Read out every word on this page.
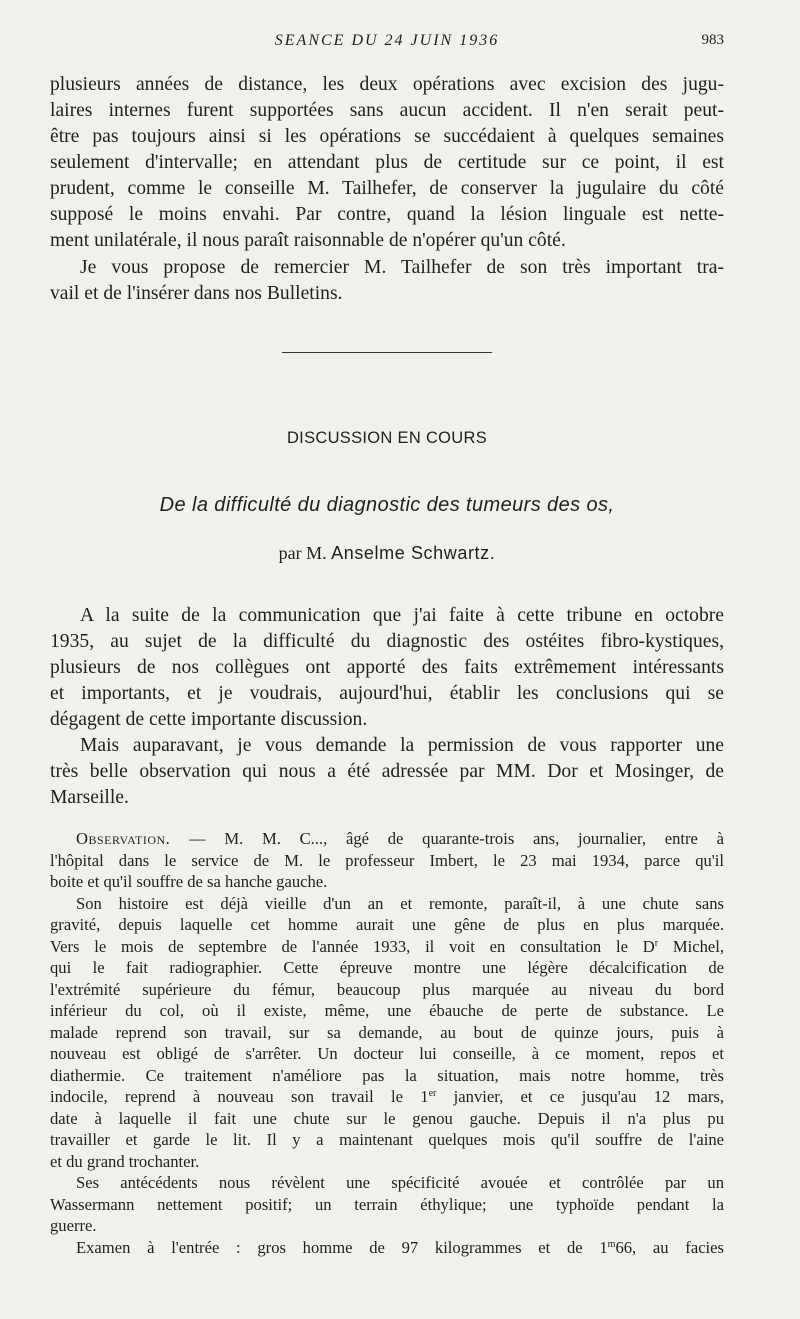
SEANCE DU 24 JUIN 1936	983

plusieurs années de distance, les deux opérations avec excision des jugu-
laires internes furent supportées sans aucun accident. Il n'en serait peut-
être pas toujours ainsi si les opérations se succédaient à quelques semaines
seulement d'intervalle; en attendant plus de certitude sur ce point, il est
prudent, comme le conseille M. Tailhefer, de conserver la jugulaire du côté
supposé le moins envahi. Par contre, quand la lésion linguale est nette-
ment unilatérale, il nous paraît raisonnable de n'opérer qu'un côté.

Je vous propose de remercier M. Tailhefer de son très important tra-
vail et de l'insérer dans nos Bulletins.

DISCUSSION EN COURS
De la difficulté du diagnostic des tumeurs des os,
par M. Anselme Schwartz.

A la suite de la communication que j'ai faite à cette tribune en octobre
1935, au sujet de la difficulté du diagnostic des ostéites fibro-kystiques,
plusieurs de nos collègues ont apporté des faits extrêmement intéressants
et importants, et je voudrais, aujourd'hui, établir les conclusions qui se
dégagent de cette importante discussion.

Mais auparavant, je vous demande la permission de vous rapporter une
très belle observation qui nous a été adressée par MM. Dor et Mosinger, de
Marseille.

Observation. — M. M. C..., âgé de quarante-trois ans, journalier, entre à
l'hôpital dans le service de M. le professeur Imbert, le 23 mai 1934, parce qu'il
boite et qu'il souffre de sa hanche gauche.
Son histoire est déjà vieille d'un an et remonte, paraît-il, à une chute sans
gravité, depuis laquelle cet homme aurait une gêne de plus en plus marquée.
Vers le mois de septembre de l'année 1933, il voit en consultation le $D^r$ Michel,
qui le fait radiographier. Cette épreuve montre une légère décalcification de
l'extrémité supérieure du fémur, beaucoup plus marquée au niveau du bord
inférieur du col, où il existe, même, une ébauche de perte de substance. Le
malade reprend son travail, sur sa demande, au bout de quinze jours, puis à
nouveau est obligé de s'arrêter. Un docteur lui conseille, à ce moment, repos et
diathermie. Ce traitement n'améliore pas la situation, mais notre homme, très
indocile, reprend à nouveau son travail le 1er janvier, et ce jusqu'au 12 mars,
date à laquelle il fait une chute sur le genou gauche. Depuis il n'a plus pu
travailler et garde le lit. Il y a maintenant quelques mois qu'il souffre de l'aine
et du grand trochanter.
Ses antécédents nous révèlent une spécificité avouée et contrôlée par un
Wassermann nettement positif; un terrain éthylique; une typhoïde pendant la
guerre.
Examen à l'entrée : gros homme de 97 kilogrammes et de 1$^m$66, au facies
